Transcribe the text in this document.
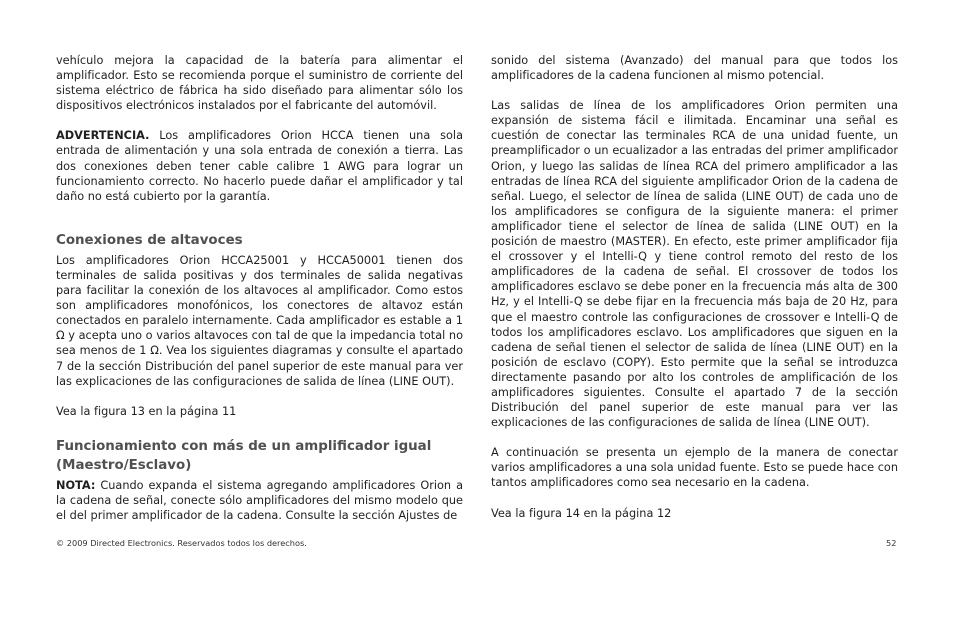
vehículo mejora la capacidad de la batería para alimentar el amplificador. Esto se recomienda porque el suministro de corriente del sistema eléctrico de fábrica ha sido diseñado para alimentar sólo los dispositivos electrónicos instalados por el fabricante del automóvil.

ADVERTENCIA. Los amplificadores Orion HCCA tienen una sola entrada de alimentación y una sola entrada de conexión a tierra. Las dos conexiones deben tener cable calibre 1 AWG para lograr un funcionamiento correcto. No hacerlo puede dañar el amplificador y tal daño no está cubierto por la garantía.

Conexiones de altavoces

Los amplificadores Orion HCCA25001 y HCCA50001 tienen dos terminales de salida positivas y dos terminales de salida negativas para facilitar la conexión de los altavoces al amplificador. Como estos son amplificadores monofónicos, los conectores de altavoz están conectados en paralelo internamente. Cada amplificador es estable a 1 Ω y acepta uno o varios altavoces con tal de que la impedancia total no sea menos de 1 Ω. Vea los siguientes diagramas y consulte el apartado 7 de la sección Distribución del panel superior de este manual para ver las explicaciones de las configuraciones de salida de línea (LINE OUT).

Vea la figura 13 en la página 11

Funcionamiento con más de un amplificador igual (Maestro/Esclavo)

NOTA: Cuando expanda el sistema agregando amplificadores Orion a la cadena de señal, conecte sólo amplificadores del mismo modelo que el del primer amplificador de la cadena. Consulte la sección Ajustes de

sonido del sistema (Avanzado) del manual para que todos los amplificadores de la cadena funcionen al mismo potencial.

Las salidas de línea de los amplificadores Orion permiten una expansión de sistema fácil e ilimitada. Encaminar una señal es cuestión de conectar las terminales RCA de una unidad fuente, un preamplificador o un ecualizador a las entradas del primer amplificador Orion, y luego las salidas de línea RCA del primero amplificador a las entradas de línea RCA del siguiente amplificador Orion de la cadena de señal. Luego, el selector de línea de salida (LINE OUT) de cada uno de los amplificadores se configura de la siguiente manera: el primer amplificador tiene el selector de línea de salida (LINE OUT) en la posición de maestro (MASTER). En efecto, este primer amplificador fija el crossover y el Intelli-Q y tiene control remoto del resto de los amplificadores de la cadena de señal. El crossover de todos los amplificadores esclavo se debe poner en la frecuencia más alta de 300 Hz, y el Intelli-Q se debe fijar en la frecuencia más baja de 20 Hz, para que el maestro controle las configuraciones de crossover e Intelli-Q de todos los amplificadores esclavo. Los amplificadores que siguen en la cadena de señal tienen el selector de salida de línea (LINE OUT) en la posición de esclavo (COPY). Esto permite que la señal se introduzca directamente pasando por alto los controles de amplificación de los amplificadores siguientes. Consulte el apartado 7 de la sección Distribución del panel superior de este manual para ver las explicaciones de las configuraciones de salida de línea (LINE OUT).

A continuación se presenta un ejemplo de la manera de conectar varios amplificadores a una sola unidad fuente. Esto se puede hace con tantos amplificadores como sea necesario en la cadena.

Vea la figura 14 en la página 12

© 2009 Directed Electronics. Reservados todos los derechos.	52
